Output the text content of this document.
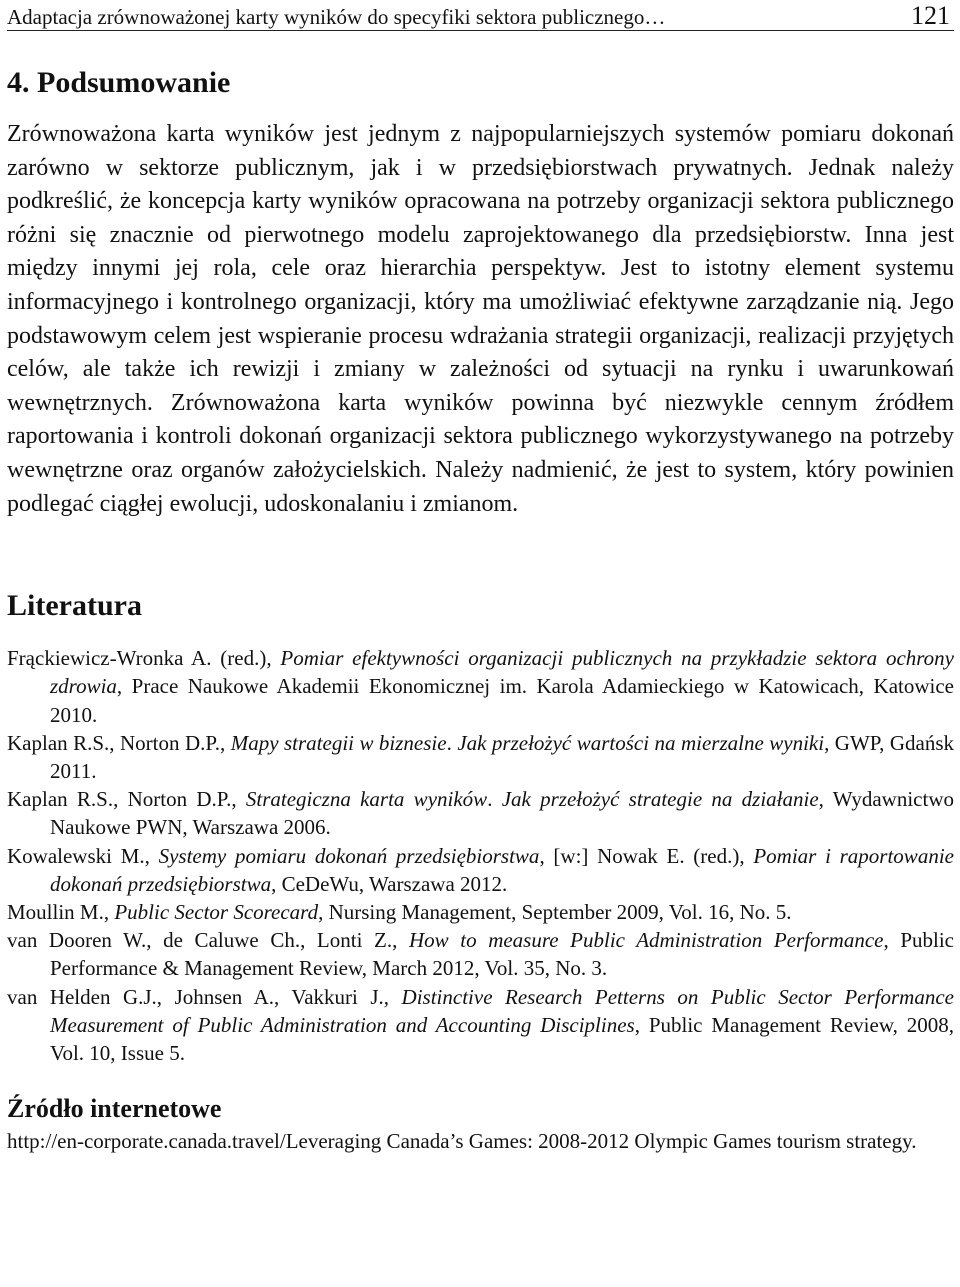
Adaptacja zrównoważonej karty wyników do specyfiki sektora publicznego…	121
4. Podsumowanie

Zrównoważona karta wyników jest jednym z najpopularniejszych systemów pomiaru dokonań zarówno w sektorze publicznym, jak i w przedsiębiorstwach prywatnych. Jednak należy podkreślić, że koncepcja karty wyników opracowana na potrzeby organizacji sektora publicznego różni się znacznie od pierwotnego modelu zaprojektowanego dla przedsiębiorstw. Inna jest między innymi jej rola, cele oraz hierarchia perspektyw. Jest to istotny element systemu informacyjnego i kontrolnego organizacji, który ma umożliwiać efektywne zarządzanie nią. Jego podstawowym celem jest wspieranie procesu wdrażania strategii organizacji, realizacji przyjętych celów, ale także ich rewizji i zmiany w zależności od sytuacji na rynku i uwarunkowań wewnętrznych. Zrównoważona karta wyników powinna być niezwykle cennym źródłem raportowania i kontroli dokonań organizacji sektora publicznego wykorzystywanego na potrzeby wewnętrzne oraz organów założycielskich. Należy nadmienić, że jest to system, który powinien podlegać ciągłej ewolucji, udoskonalaniu i zmianom.

Literatura
Frąckiewicz-Wronka A. (red.), Pomiar efektywności organizacji publicznych na przykładzie sektora ochrony zdrowia, Prace Naukowe Akademii Ekonomicznej im. Karola Adamieckiego w Katowicach, Katowice 2010.
Kaplan R.S., Norton D.P., Mapy strategii w biznesie. Jak przełożyć wartości na mierzalne wyniki, GWP, Gdańsk 2011.
Kaplan R.S., Norton D.P., Strategiczna karta wyników. Jak przełożyć strategie na działanie, Wydawnictwo Naukowe PWN, Warszawa 2006.
Kowalewski M., Systemy pomiaru dokonań przedsiębiorstwa, [w:] Nowak E. (red.), Pomiar i raportowanie dokonań przedsiębiorstwa, CeDeWu, Warszawa 2012.
Moullin M., Public Sector Scorecard, Nursing Management, September 2009, Vol. 16, No. 5.
van Dooren W., de Caluwe Ch., Lonti Z., How to measure Public Administration Performance, Public Performance & Management Review, March 2012, Vol. 35, No. 3.
van Helden G.J., Johnsen A., Vakkuri J., Distinctive Research Petterns on Public Sector Performance Measurement of Public Administration and Accounting Disciplines, Public Management Review, 2008, Vol. 10, Issue 5.
Źródło internetowe

http://en-corporate.canada.travel/Leveraging Canada’s Games: 2008-2012 Olympic Games tourism strategy.
